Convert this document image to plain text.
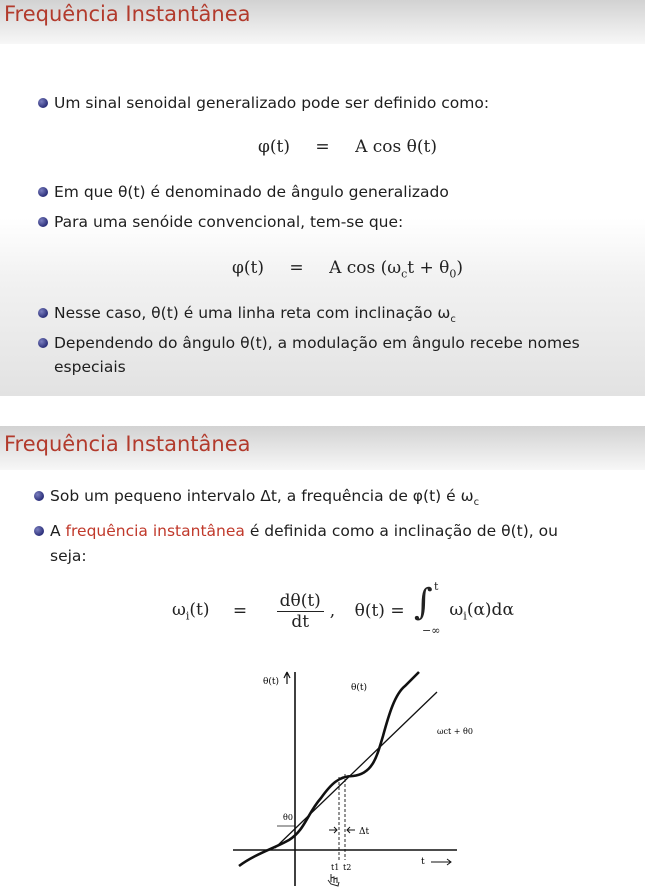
Frequência Instantânea
Um sinal senoidal generalizado pode ser definido como:
φ(t) = A cos θ(t)
Em que θ(t) é denominado de ângulo generalizado
Para uma senóide convencional, tem-se que:
φ(t) = A $\cos (\omega_ct + \theta_0)$
Nesse caso, θ(t) é uma linha reta com inclinação $\omega_c$
Dependendo do ângulo θ(t), a modulação em ângulo recebe nomes
especiais
Frequência Instantânea
Sob um pequeno intervalo Δt, a frequência de φ(t) é $\omega_c$
A frequência instantânea é definida como a inclinação de θ(t), ou
seja:
$\omega_i(t) = \frac{d\theta(t)}{dt}$ , θ(t) = ∫ t
−∞
$\omega_i(\alpha)d\alpha$
θ(t)
θ(t)
ωct + θ0
θ0
Δt
t1 t2
t
